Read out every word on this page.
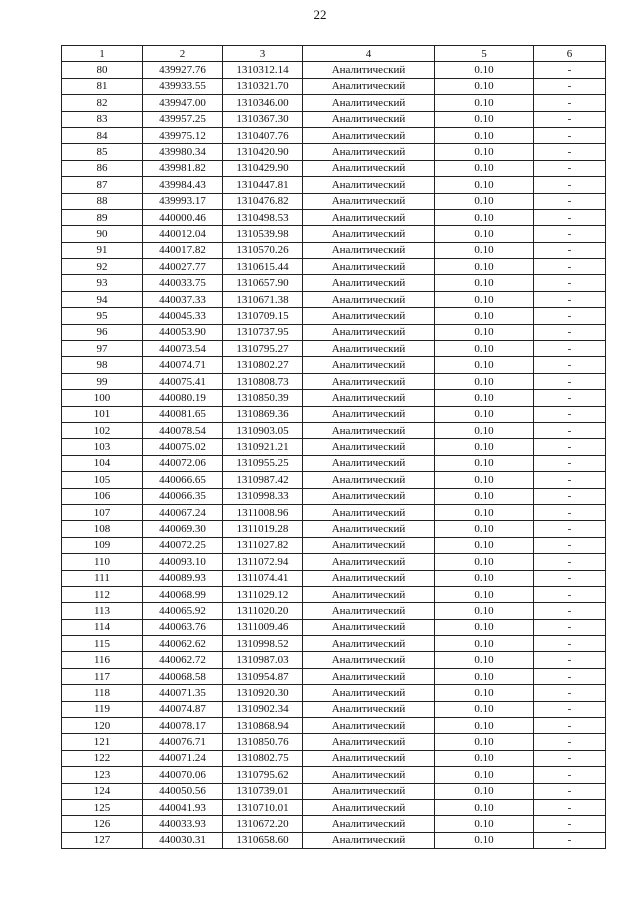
22
1	2	3	4	5	6
80	439927.76	1310312.14	Аналитический	0.10	-
81	439933.55	1310321.70	Аналитический	0.10	-
82	439947.00	1310346.00	Аналитический	0.10	-
83	439957.25	1310367.30	Аналитический	0.10	-
84	439975.12	1310407.76	Аналитический	0.10	-
85	439980.34	1310420.90	Аналитический	0.10	-
86	439981.82	1310429.90	Аналитический	0.10	-
87	439984.43	1310447.81	Аналитический	0.10	-
88	439993.17	1310476.82	Аналитический	0.10	-
89	440000.46	1310498.53	Аналитический	0.10	-
90	440012.04	1310539.98	Аналитический	0.10	-
91	440017.82	1310570.26	Аналитический	0.10	-
92	440027.77	1310615.44	Аналитический	0.10	-
93	440033.75	1310657.90	Аналитический	0.10	-
94	440037.33	1310671.38	Аналитический	0.10	-
95	440045.33	1310709.15	Аналитический	0.10	-
96	440053.90	1310737.95	Аналитический	0.10	-
97	440073.54	1310795.27	Аналитический	0.10	-
98	440074.71	1310802.27	Аналитический	0.10	-
99	440075.41	1310808.73	Аналитический	0.10	-
100	440080.19	1310850.39	Аналитический	0.10	-
101	440081.65	1310869.36	Аналитический	0.10	-
102	440078.54	1310903.05	Аналитический	0.10	-
103	440075.02	1310921.21	Аналитический	0.10	-
104	440072.06	1310955.25	Аналитический	0.10	-
105	440066.65	1310987.42	Аналитический	0.10	-
106	440066.35	1310998.33	Аналитический	0.10	-
107	440067.24	1311008.96	Аналитический	0.10	-
108	440069.30	1311019.28	Аналитический	0.10	-
109	440072.25	1311027.82	Аналитический	0.10	-
110	440093.10	1311072.94	Аналитический	0.10	-
111	440089.93	1311074.41	Аналитический	0.10	-
112	440068.99	1311029.12	Аналитический	0.10	-
113	440065.92	1311020.20	Аналитический	0.10	-
114	440063.76	1311009.46	Аналитический	0.10	-
115	440062.62	1310998.52	Аналитический	0.10	-
116	440062.72	1310987.03	Аналитический	0.10	-
117	440068.58	1310954.87	Аналитический	0.10	-
118	440071.35	1310920.30	Аналитический	0.10	-
119	440074.87	1310902.34	Аналитический	0.10	-
120	440078.17	1310868.94	Аналитический	0.10	-
121	440076.71	1310850.76	Аналитический	0.10	-
122	440071.24	1310802.75	Аналитический	0.10	-
123	440070.06	1310795.62	Аналитический	0.10	-
124	440050.56	1310739.01	Аналитический	0.10	-
125	440041.93	1310710.01	Аналитический	0.10	-
126	440033.93	1310672.20	Аналитический	0.10	-
127	440030.31	1310658.60	Аналитический	0.10	-
